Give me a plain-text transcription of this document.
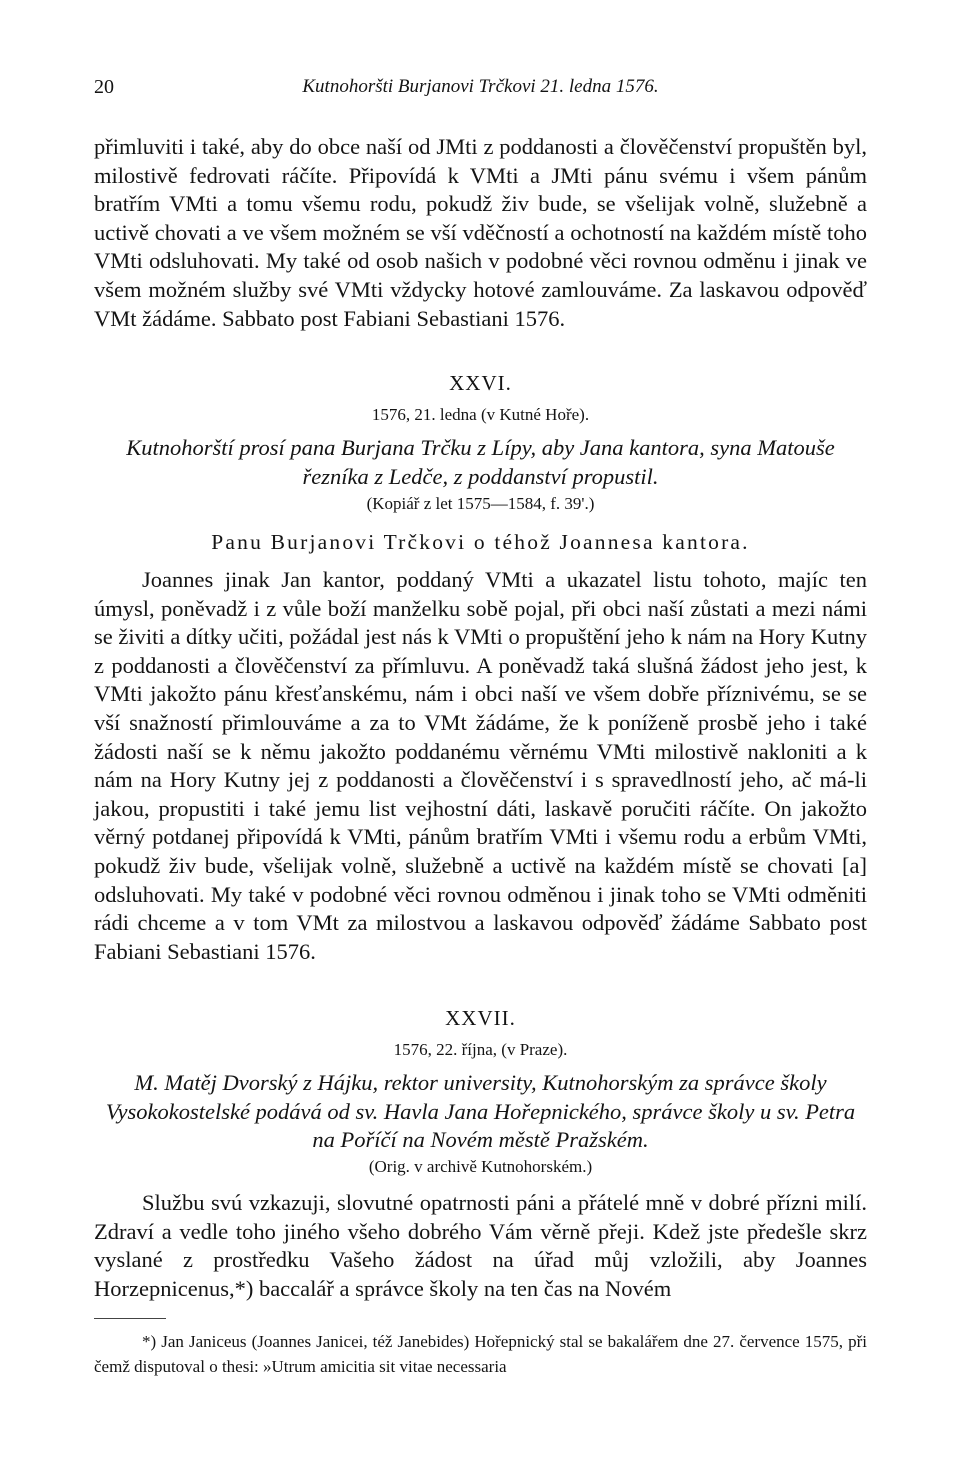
20	Kutnohoršti Burjanovi Trčkovi 21. ledna 1576.

přimluviti i také, aby do obce naší od JMti z poddanosti a člověčenství propuštěn byl, milostivě fedrovati ráčíte. Připovídá k VMti a JMti pánu svému i všem pánům bratřím VMti a tomu všemu rodu, pokudž živ bude, se všelijak volně, služebně a uctivě chovati a ve všem možném se vší vděčností a ochotností na každém místě toho VMti odsluhovati. My také od osob našich v podobné věci rovnou odměnu i jinak ve všem možném služby své VMti vždycky hotové zamlouváme. Za laskavou odpověď VMt žádáme. Sabbato post Fabiani Sebastiani 1576.

XXVI.
1576, 21. ledna (v Kutné Hoře).
Kutnohorští prosí pana Burjana Trčku z Lípy, aby Jana kantora, syna Matouše řezníka z Ledče, z poddanství propustil.
(Kopiář z let 1575—1584, f. 39'.)
Panu Burjanovi Trčkovi o téhož Joannesa kantora.

Joannes jinak Jan kantor, poddaný VMti a ukazatel listu tohoto, majíc ten úmysl, poněvadž i z vůle boží manželku sobě pojal, při obci naší zůstati a mezi námi se živiti a dítky učiti, požádal jest nás k VMti o propuštění jeho k nám na Hory Kutny z poddanosti a člověčenství za přímluvu. A poněvadž taká slušná žádost jeho jest, k VMti jakožto pánu křesťanskému, nám i obci naší ve všem dobře příznivému, se se vší snažností přimlouváme a za to VMt žádáme, že k poníženě prosbě jeho i také žádosti naší se k němu jakožto poddanému věrnému VMti milostivě nakloniti a k nám na Hory Kutny jej z poddanosti a člověčenství i s spravedlností jeho, ač má-li jakou, propustiti i také jemu list vejhostní dáti, laskavě poručiti ráčíte. On jakožto věrný potdanej připovídá k VMti, pánům bratřím VMti i všemu rodu a erbům VMti, pokudž živ bude, všelijak volně, služebně a uctivě na každém místě se chovati [a] odsluhovati. My také v podobné věci rovnou odměnou i jinak toho se VMti odměniti rádi chceme a v tom VMt za milostvou a laskavou odpověď žádáme Sabbato post Fabiani Sebastiani 1576.

XXVII.
1576, 22. října, (v Praze).
M. Matěj Dvorský z Hájku, rektor university, Kutnohorským za správce školy Vysokokostelské podává od sv. Havla Jana Hořepnického, správce školy u sv. Petra na Poříčí na Novém městě Pražském.
(Orig. v archivě Kutnohorském.)

Službu svú vzkazuji, slovutné opatrnosti páni a přátelé mně v dobré přízni milí. Zdraví a vedle toho jiného všeho dobrého Vám věrně přeji. Kdež jste předešle skrz vyslané z prostředku Vašeho žádost na úřad můj vzložili, aby Joannes Horzepnicenus,*) baccalář a správce školy na ten čas na Novém

*) Jan Janiceus (Joannes Janicei, též Janebides) Hořepnický stal se bakalářem dne 27. července 1575, při čemž disputoval o thesi: »Utrum amicitia sit vitae necessaria
